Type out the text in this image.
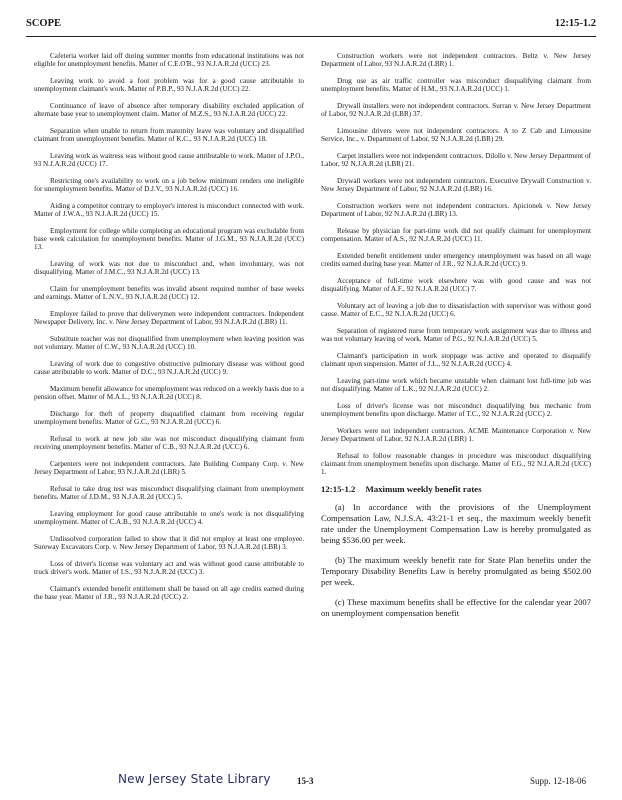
SCOPE	12:15-1.2

Cafeteria worker laid off during summer months from educational institutions was not eligible for unemployment benefits. Matter of C.E.O'B., 93 N.J.A.R.2d (UCC) 23.

Leaving work to avoid a foot problem was for a good cause attributable to unemployment claimant's work. Matter of P.B.P., 93 N.J.A.R.2d (UCC) 22.

Continuance of leave of absence after temporary disability excluded application of alternate base year to unemployment claim. Matter of M.Z.S., 93 N.J.A.R.2d (UCC) 22.

Separation when unable to return from maternity leave was voluntary and disqualified claimant from unemployment benefits. Matter of K.C., 93 N.J.A.R.2d (UCC) 18.

Leaving work as waitress was without good cause attributable to work. Matter of J.P.O., 93 N.J.A.R.2d (UCC) 17.

Restricting one's availability to work on a job below minimum renders one ineligible for unemployment benefits. Matter of D.J.V., 93 N.J.A.R.2d (UCC) 16.

Aiding a competitor contrary to employer's interest is misconduct connected with work. Matter of J.W.A., 93 N.J.A.R.2d (UCC) 15.

Employment for college while completing an educational program was excludable from base week calculation for unemployment benefits. Matter of J.G.M., 93 N.J.A.R.2d (UCC) 13.

Leaving of work was not due to misconduct and, when involuntary, was not disqualifying. Matter of J.M.C., 93 N.J.A.R.2d (UCC) 13.

Claim for unemployment benefits was invalid absent required number of base weeks and earnings. Matter of L.N.V., 93 N.J.A.R.2d (UCC) 12.

Employer failed to prove that deliverymen were independent contractors. Independent Newspaper Delivery, Inc. v. New Jersey Department of Labor, 93 N.J.A.R.2d (LBR) 11.

Substitute teacher was not disqualified from unemployment when leaving position was not voluntary. Matter of C.W., 93 N.J.A.R.2d (UCC) 10.

Leaving of work due to congestive obstructive pulmonary disease was without good cause attributable to work. Matter of D.C., 93 N.J.A.R.2d (UCC) 9.

Maximum benefit allowance for unemployment was reduced on a weekly basis due to a pension offset. Matter of M.A.L., 93 N.J.A.R.2d (UCC) 8.

Discharge for theft of property disqualified claimant from receiving regular unemployment benefits. Matter of G.C., 93 N.J.A.R.2d (UCC) 6.

Refusal to work at new job site was not misconduct disqualifying claimant from receiving unemployment benefits. Matter of C.B., 93 N.J.A.R.2d (UCC) 6.

Carpenters were not independent contractors. Jate Building Company Corp. v. New Jersey Department of Labor, 93 N.J.A.R.2d (LBR) 5.

Refusal to take drug test was misconduct disqualifying claimant from unemployment benefits. Matter of J.D.M., 93 N.J.A.R.2d (UCC) 5.

Leaving employment for good cause attributable to one's work is not disqualifying unemployment. Matter of C.A.B., 93 N.J.A.R.2d (UCC) 4.

Undissolved corporation failed to show that it did not employ at least one employee. Sureway Excavators Corp. v. New Jersey Department of Labor, 93 N.J.A.R.2d (LBR) 3.

Loss of driver's license was voluntary act and was without good cause attributable to truck driver's work. Matter of I.S., 93 N.J.A.R.2d (UCC) 3.

Claimant's extended benefit entitlement shall be based on all age credits earned during the base year. Matter of J.R., 93 N.J.A.R.2d (UCC) 2.

Construction workers were not independent contractors. Beltz v. New Jersey Department of Labor, 93 N.J.A.R.2d (LBR) 1.

Drug use as air traffic controller was misconduct disqualifying claimant from unemployment benefits. Matter of H.M., 93 N.J.A.R.2d (UCC) 1.

Drywall installers were not independent contractors. Surran v. New Jersey Department of Labor, 92 N.J.A.R.2d (LBR) 37.

Limousine drivers were not independent contractors. A to Z Cab and Limousine Service, Inc., v. Department of Labor, 92 N.J.A.R.2d (LBR) 29.

Carpet installers were not independent contractors. Dilollo v. New Jersey Department of Labor, 92 N.J.A.R.2d (LBR) 21.

Drywall workers were not independent contractors. Executive Drywall Construction v. New Jersey Department of Labor, 92 N.J.A.R.2d (LBR) 16.

Construction workers were not independent contractors. Apicionek v. New Jersey Department of Labor, 92 N.J.A.R.2d (LBR) 13.

Release by physician for part-time work did not qualify claimant for unemployment compensation. Matter of A.S., 92 N.J.A.R.2d (UCC) 11.

Extended benefit entitlement under emergency unemployment was based on all wage credits earned during base year. Matter of J.R., 92 N.J.A.R.2d (UCC) 9.

Acceptance of full-time work elsewhere was with good cause and was not disqualifying. Matter of A.F., 92 N.J.A.R.2d (UCC) 7.

Voluntary act of leaving a job due to dissatisfaction with supervisor was without good cause. Matter of E.C., 92 N.J.A.R.2d (UCC) 6.

Separation of registered nurse from temporary work assignment was due to illness and was not voluntary leaving of work. Matter of P.G., 92 N.J.A.R.2d (UCC) 5.

Claimant's participation in work stoppage was active and operated to disqualify claimant upon suspension. Matter of J.L., 92 N.J.A.R.2d (UCC) 4.

Leaving part-time work which became unstable when claimant lost full-time job was not disqualifying. Matter of L.K., 92 N.J.A.R.2d (UCC) 2.

Loss of driver's license was not misconduct disqualifying bus mechanic from unemployment benefits upon discharge. Matter of T.C., 92 N.J.A.R.2d (UCC) 2.

Workers were not independent contractors. ACME Maintenance Corporation v. New Jersey Department of Labor, 92 N.J.A.R.2d (LBR) 1.

Refusal to follow reasonable changes in procedure was misconduct disqualifying claimant from unemployment benefits upon discharge. Matter of F.G., 92 N.J.A.R.2d (UCC) 1.

12:15-1.2 Maximum weekly benefit rates

(a) In accordance with the provisions of the Unemployment Compensation Law, N.J.S.A. 43:21-1 et seq., the maximum weekly benefit rate under the Unemployment Compensation Law is hereby promulgated as being $536.00 per week.

(b) The maximum weekly benefit rate for State Plan benefits under the Temporary Disability Benefits Law is hereby promulgated as being $502.00 per week.

(c) These maximum benefits shall be effective for the calendar year 2007 on unemployment compensation benefit

New Jersey State Library	15-3	Supp. 12-18-06
